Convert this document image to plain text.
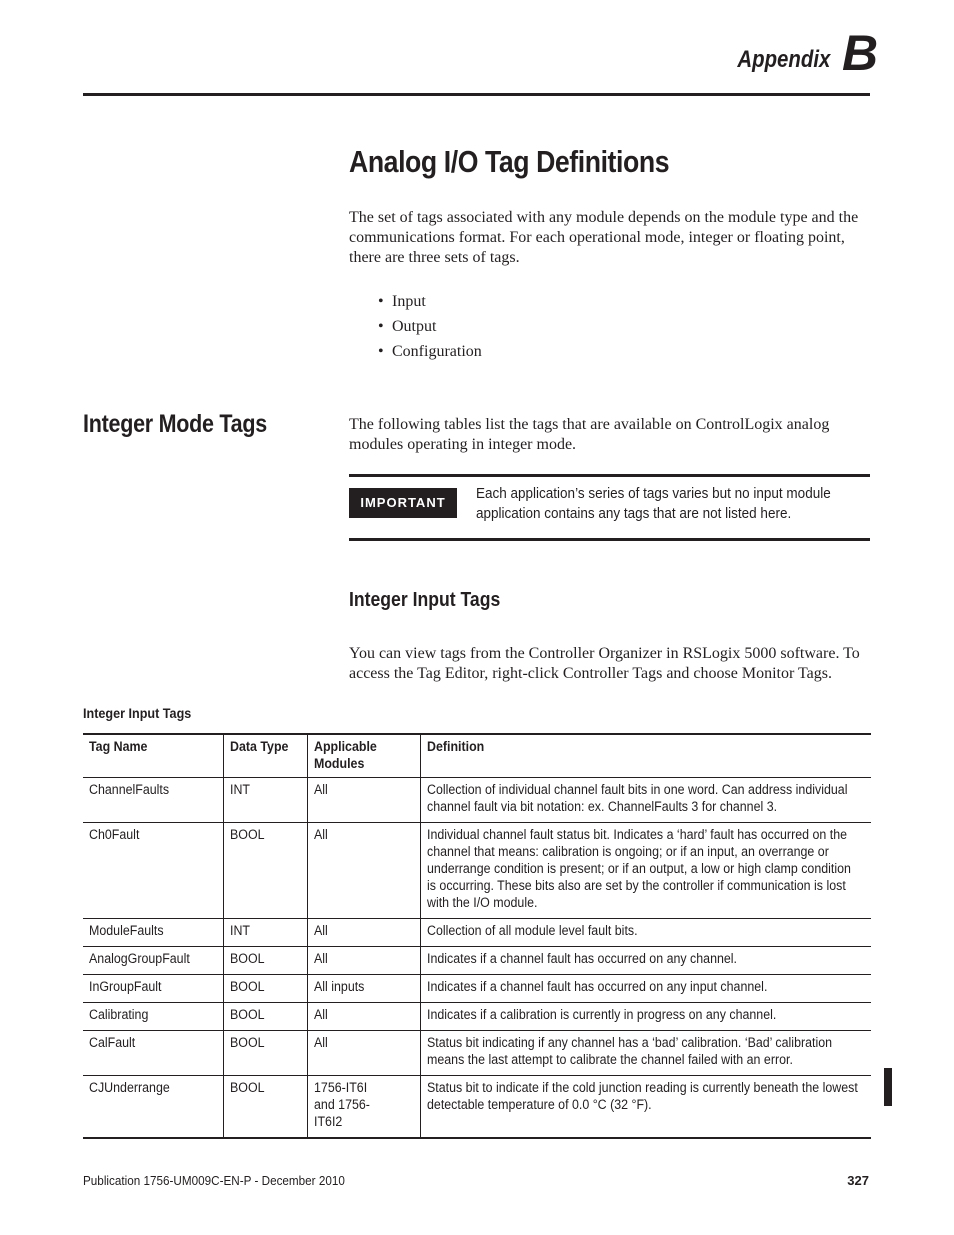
Appendix B
Analog I/O Tag Definitions

The set of tags associated with any module depends on the module type and the communications format. For each operational mode, integer or floating point, there are three sets of tags.

• Input
• Output
• Configuration
Integer Mode Tags	The following tables list the tags that are available on ControlLogix analog modules operating in integer mode.

IMPORTANT
Each application’s series of tags varies but no input module application contains any tags that are not listed here.
Integer Input Tags

You can view tags from the Controller Organizer in RSLogix 5000 software. To access the Tag Editor, right-click Controller Tags and choose Monitor Tags.

Integer Input Tags
Tag Name	Data Type	Applicable Modules	Definition

ChannelFaults	INT	All	Collection of individual channel fault bits in one word. Can address individual channel fault via bit notation: ex. ChannelFaults 3 for channel 3.

Ch0Fault	BOOL	All	Individual channel fault status bit. Indicates a ‘hard’ fault has occurred on the channel that means: calibration is ongoing; or if an input, an overrange or underrange condition is present; or if an output, a low or high clamp condition is occurring. These bits also are set by the controller if communication is lost with the I/O module.

ModuleFaults	INT	All	Collection of all module level fault bits.

AnalogGroupFault	BOOL	All	Indicates if a channel fault has occurred on any channel.

InGroupFault	BOOL	All inputs	Indicates if a channel fault has occurred on any input channel.

Calibrating	BOOL	All	Indicates if a calibration is currently in progress on any channel.

CalFault	BOOL	All	Status bit indicating if any channel has a ‘bad’ calibration. ‘Bad’ calibration means the last attempt to calibrate the channel failed with an error.

CJUnderrange	BOOL	1756-IT6I and 1756-IT6I2	Status bit to indicate if the cold junction reading is currently beneath the lowest detectable temperature of 0.0 °C (32 °F).
Publication 1756-UM009C-EN-P - December 2010	327
